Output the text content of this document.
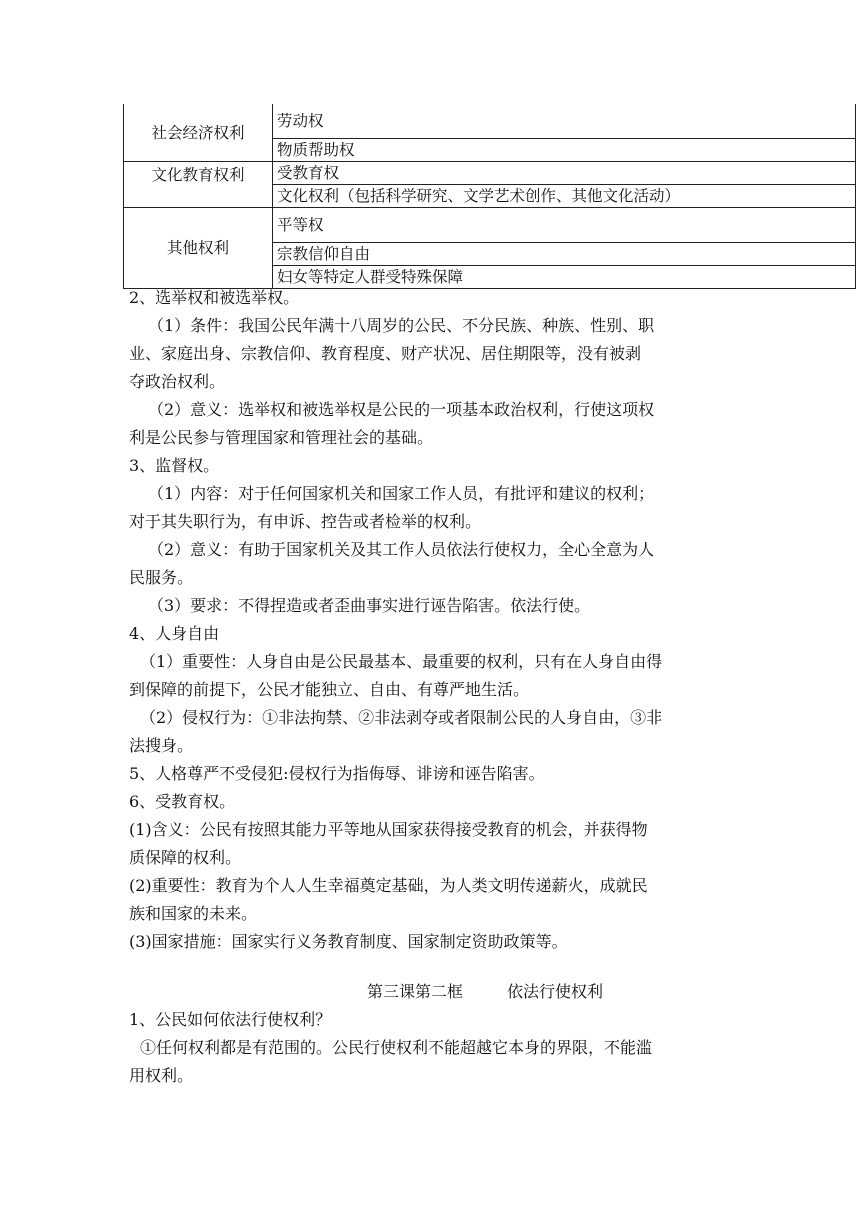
社会经济权利	劳动权
	物质帮助权
文化教育权利	受教育权
	文化权利（包括科学研究、文学艺术创作、其他文化活动）
其他权利	平等权
	宗教信仰自由
	妇女等特定人群受特殊保障
2、选举权和被选举权。
（1）条件：我国公民年满十八周岁的公民、不分民族、种族、性别、职
业、家庭出身、宗教信仰、教育程度、财产状况、居住期限等，没有被剥
夺政治权利。
（2）意义：选举权和被选举权是公民的一项基本政治权利，行使这项权
利是公民参与管理国家和管理社会的基础。
3、监督权。
（1）内容：对于任何国家机关和国家工作人员，有批评和建议的权利；
对于其失职行为，有申诉、控告或者检举的权利。
（2）意义：有助于国家机关及其工作人员依法行使权力，全心全意为人
民服务。
（3）要求：不得捏造或者歪曲事实进行诬告陷害。依法行使。
4、人身自由
（1）重要性：人身自由是公民最基本、最重要的权利，只有在人身自由得
到保障的前提下，公民才能独立、自由、有尊严地生活。
（2）侵权行为：①非法拘禁、②非法剥夺或者限制公民的人身自由，③非
法搜身。
5、人格尊严不受侵犯:侵权行为指侮辱、诽谤和诬告陷害。
6、受教育权。
(1)含义：公民有按照其能力平等地从国家获得接受教育的机会，并获得物
质保障的权利。
(2)重要性：教育为个人人生幸福奠定基础，为人类文明传递薪火，成就民
族和国家的未来。
(3)国家措施：国家实行义务教育制度、国家制定资助政策等。
第三课第二框	依法行使权利
1、公民如何依法行使权利？
①任何权利都是有范围的。公民行使权利不能超越它本身的界限，不能滥
用权利。
